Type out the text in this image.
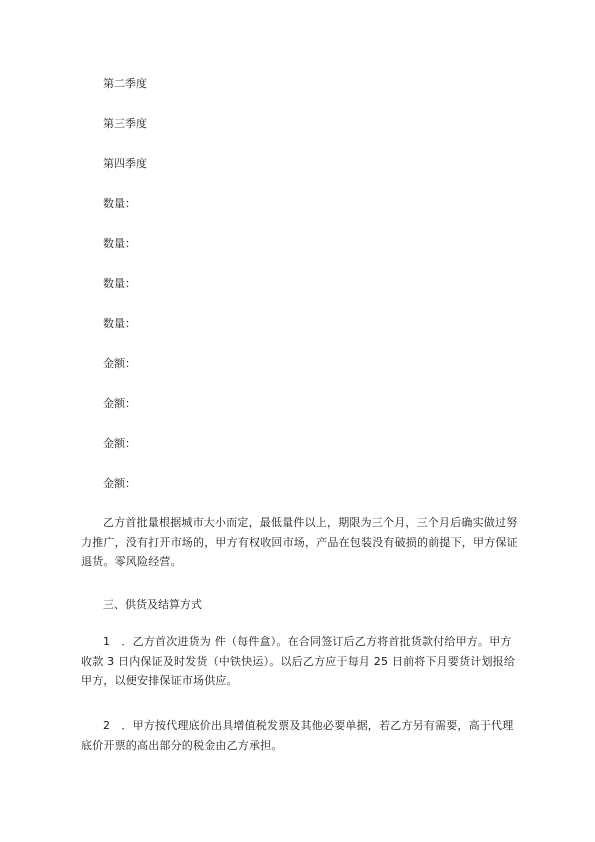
第二季度
第三季度
第四季度
数量：
数量：
数量：
数量：
金额：
金额：
金额：
金额：
乙方首批量根据城市大小而定，最低量件以上，期限为三个月，三个月后确实做过努力推广，没有打开市场的，甲方有权收回市场，产品在包装没有破损的前提下，甲方保证退货。零风险经营。
三、供货及结算方式
1　．乙方首次进货为 件（每件盒）。在合同签订后乙方将首批货款付给甲方。甲方收款 3 日内保证及时发货（中铁快运）。以后乙方应于每月 25 日前将下月要货计划报给甲方，以便安排保证市场供应。
2　．甲方按代理底价出具增值税发票及其他必要单据，若乙方另有需要，高于代理底价开票的高出部分的税金由乙方承担。
